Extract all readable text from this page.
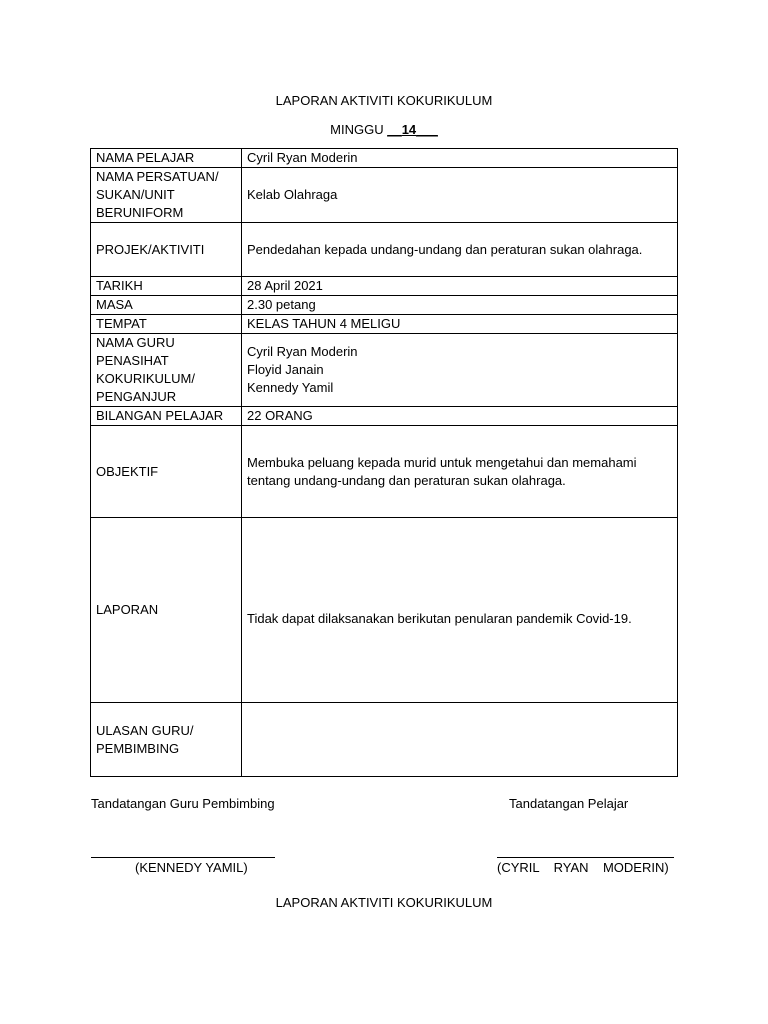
LAPORAN AKTIVITI KOKURIKULUM
MINGGU __14___
NAMA PELAJAR	Cyril Ryan Moderin

NAMA PERSATUAN/
SUKAN/UNIT
BERUNIFORM	Kelab Olahraga
PROJEK/AKTIVITI	Pendedahan kepada undang-undang dan peraturan sukan olahraga.
TARIKH	28 April 2021
MASA	2.30 petang
TEMPAT	KELAS TAHUN 4 MELIGU

NAMA GURU
PENASIHAT
KOKURIKULUM/
PENGANJUR	Cyril Ryan Moderin
Floyid Janain
Kennedy Yamil

BILANGAN PELAJAR	22 ORANG
OBJEKTIF	Membuka peluang kepada murid untuk mengetahui dan memahami
tentang undang-undang dan peraturan sukan olahraga.

LAPORAN	Tidak dapat dilaksanakan berikutan penularan pandemik Covid-19.

ULASAN GURU/
PEMBIMBING	

Tandatangan Guru Pembimbing	Tandatangan Pelajar
(KENNEDY YAMIL)	(CYRIL    RYAN    MODERIN)
LAPORAN AKTIVITI KOKURIKULUM
